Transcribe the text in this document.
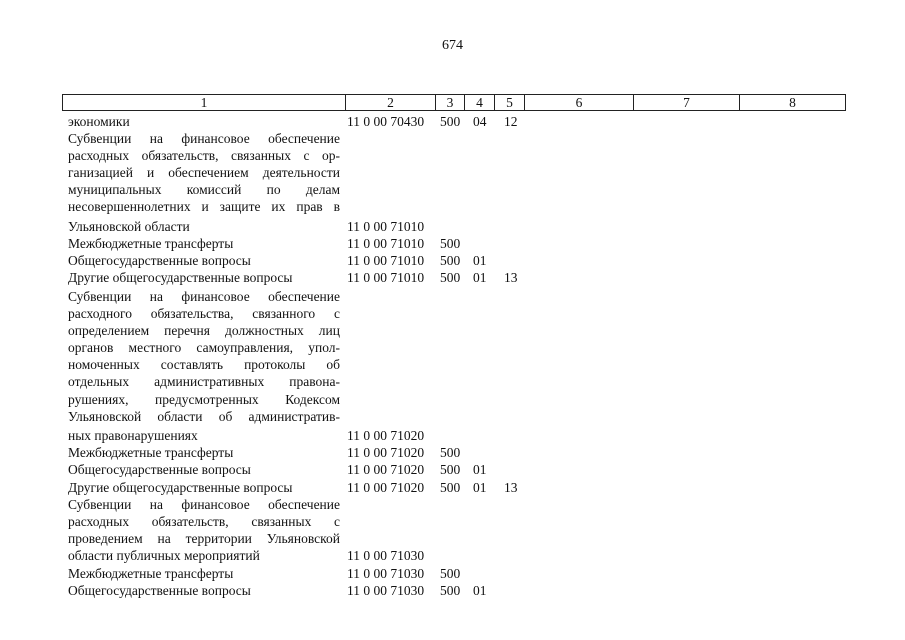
674
1	2	3	4	5	6	7	8
экономики	11 0 00 70430 500 04 12
Субвенции на финансовое обеспечение
расходных обязательств, связанных с ор-
ганизацией и обеспечением деятельности
муниципальных комиссий по делам
несовершеннолетних и защите их прав в
Ульяновской области	11 0 00 71010
Межбюджетные трансферты	11 0 00 71010 500
Общегосударственные вопросы	11 0 00 71010 500 01
Другие общегосударственные вопросы	11 0 00 71010 500 01 13
Субвенции на финансовое обеспечение
расходного обязательства, связанного с
определением перечня должностных лиц
органов местного самоуправления, упол-
номоченных составлять протоколы об
отдельных административных правона-
рушениях, предусмотренных Кодексом
Ульяновской области об административ-
ных правонарушениях	11 0 00 71020
Межбюджетные трансферты	11 0 00 71020 500
Общегосударственные вопросы	11 0 00 71020 500 01
Другие общегосударственные вопросы	11 0 00 71020 500 01 13
Субвенции на финансовое обеспечение
расходных обязательств, связанных с
проведением на территории Ульяновской
области публичных мероприятий	11 0 00 71030
Межбюджетные трансферты	11 0 00 71030 500
Общегосударственные вопросы	11 0 00 71030 500 01
